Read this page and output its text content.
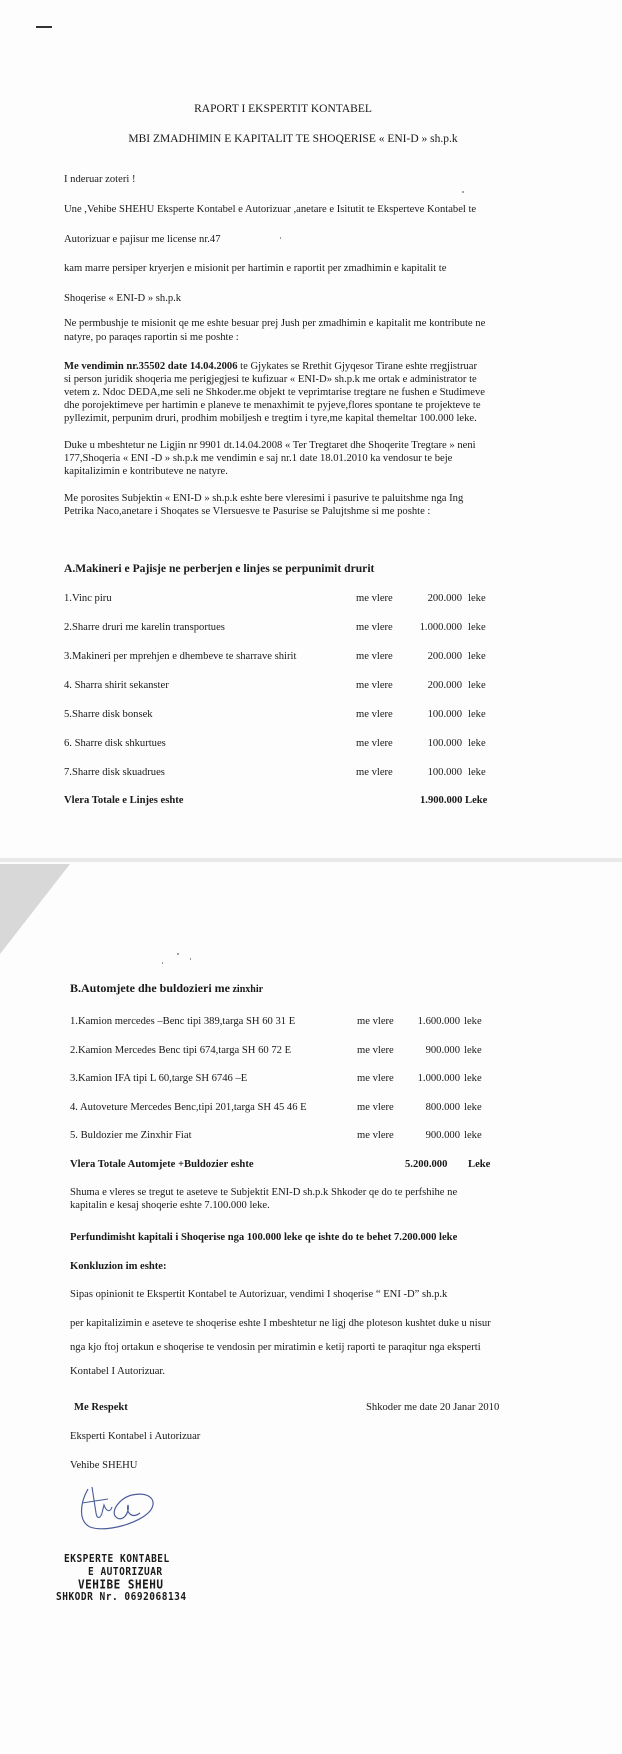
RAPORT I EKSPERTIT KONTABEL
MBI ZMADHIMIN E KAPITALIT TE SHOQERISE « ENI-D » sh.p.k
I nderuar zoteri !
Une ,Vehibe SHEHU Eksperte Kontabel e Autorizuar ,anetare e Isitutit te Eksperteve Kontabel te
Autorizuar e pajisur me license nr.47
kam marre persiper kryerjen e misionit per hartimin e raportit per zmadhimin e kapitalit te
Shoqerise « ENI-D » sh.p.k
Ne permbushje te misionit qe me eshte besuar prej Jush per zmadhimin e kapitalit me kontribute ne
natyre, po paraqes raportin si me poshte :
Me vendimin nr.35502 date 14.04.2006 te Gjykates se Rrethit Gjyqesor Tirane eshte rregjistruar
si person juridik shoqeria me perigjegjesi te kufizuar « ENI-D» sh.p.k me ortak e administrator te
vetem z. Ndoc DEDA,me seli ne Shkoder.me objekt te veprimtarise tregtare ne fushen e Studimeve
dhe porojektimeve per hartimin e planeve te menaxhimit te pyjeve,flores spontane te projekteve te
pyllezimit, perpunim druri, prodhim mobiljesh e tregtim i tyre,me kapital themeltar 100.000 leke.
Duke u mbeshtetur ne Ligjin nr 9901 dt.14.04.2008 « Ter Tregtaret dhe Shoqerite Tregtare » neni
177,Shoqeria « ENI -D » sh.p.k me vendimin e saj nr.1 date 18.01.2010 ka vendosur te beje
kapitalizimin e kontributeve ne natyre.
Me porosites Subjektin « ENI-D » sh.p.k eshte bere vleresimi i pasurive te paluitshme nga Ing
Petrika Naco,anetare i Shoqates se Vlersuesve te Pasurise se Palujtshme si me poshte :
A.Makineri e Pajisje ne perberjen e linjes se perpunimit drurit
1.Vinc piru	me vlere	200.000 leke
2.Sharre druri me karelin transportues	me vlere	1.000.000 leke
3.Makineri per mprehjen e dhembeve te sharrave shirit	me vlere	200.000 leke
4. Sharra shirit sekanster	me vlere	200.000 leke
5.Sharre disk bonsek	me vlere	100.000 leke
6. Sharre disk shkurtues	me vlere	100.000 leke
7.Sharre disk skuadrues	me vlere	100.000 leke
Vlera Totale e Linjes eshte	1.900.000 Leke
B.Automjete dhe buldozieri me zinxhir
1.Kamion mercedes –Benc tipi 389,targa SH 60 31 E	me vlere	1.600.000 leke
2.Kamion Mercedes Benc tipi 674,targa SH 60 72 E	me vlere	900.000 leke
3.Kamion IFA tipi L 60,targe SH 6746 –E	me vlere	1.000.000 leke
4. Autoveture Mercedes Benc,tipi 201,targa SH 45 46 E	me vlere	800.000 leke
5. Buldozier me Zinxhir Fiat	me vlere	900.000 leke
Vlera Totale Automjete +Buldozier eshte	5.200.000 Leke
Shuma e vleres se tregut te aseteve te Subjektit ENI-D sh.p.k Shkoder qe do te perfshihe ne
kapitalin e kesaj shoqerie eshte 7.100.000 leke.
Perfundimisht kapitali i Shoqerise nga 100.000 leke qe ishte do te behet 7.200.000 leke
Konkluzion im eshte:
Sipas opinionit te Ekspertit Kontabel te Autorizuar, vendimi I shoqerise “ ENI -D” sh.p.k
per kapitalizimin e aseteve te shoqerise eshte I mbeshtetur ne ligj dhe ploteson kushtet duke u nisur
nga kjo ftoj ortakun e shoqerise te vendosin per miratimin e ketij raporti te paraqitur nga eksperti
Kontabel I Autorizuar.
Me Respekt	Shkoder me date 20 Janar 2010
Eksperti Kontabel i Autorizuar
Vehibe SHEHU
EKSPERTE KONTABEL
E AUTORIZUAR
VEHIBE SHEHU
SHKODR Nr. 0692068134
